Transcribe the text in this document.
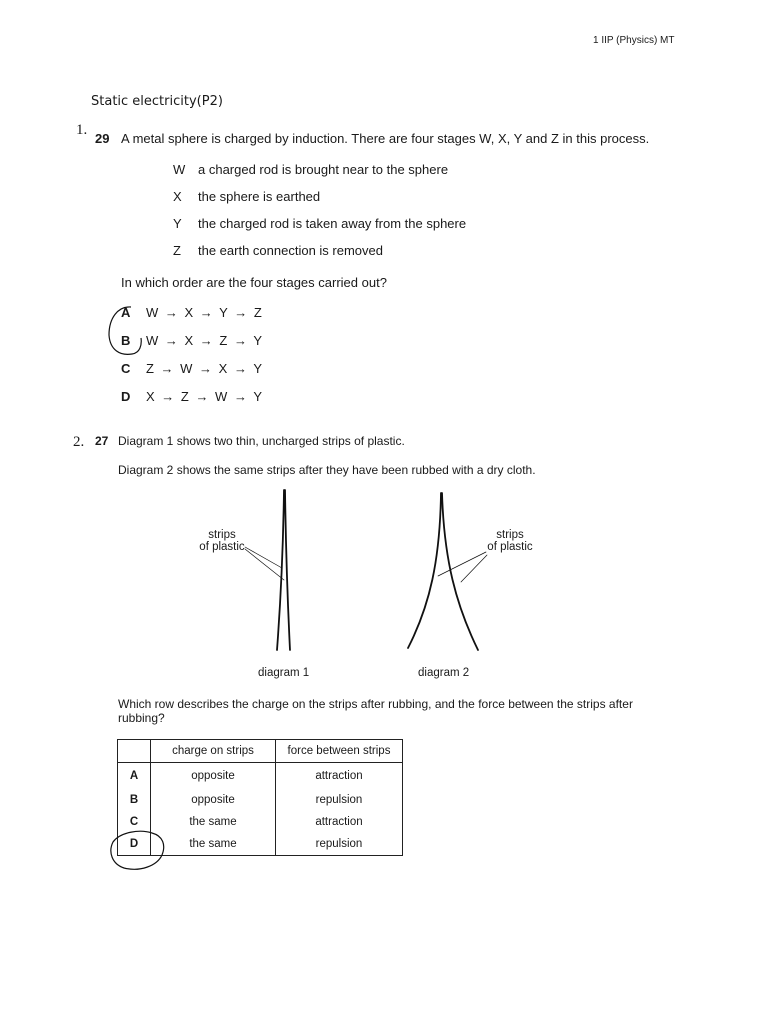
1 IIP (Physics) MT
Static electricity(P2)
1.
29 A metal sphere is charged by induction. There are four stages W, X, Y and Z in this process.
W a charged rod is brought near to the sphere
X the sphere is earthed
Y the charged rod is taken away from the sphere
Z the earth connection is removed
In which order are the four stages carried out?
A W → X → Y → Z
B W → X → Z → Y
C Z → W → X → Y
D X → Z → W → Y
2. 27 Diagram 1 shows two thin, uncharged strips of plastic.
Diagram 2 shows the same strips after they have been rubbed with a dry cloth.
strips
of plastic
strips
of plastic
diagram 1	diagram 2
Which row describes the charge on the strips after rubbing, and the force between the strips after
rubbing?
	charge on strips	force between strips
A	opposite	attraction
B	opposite	repulsion
C	the same	attraction
D	the same	repulsion
